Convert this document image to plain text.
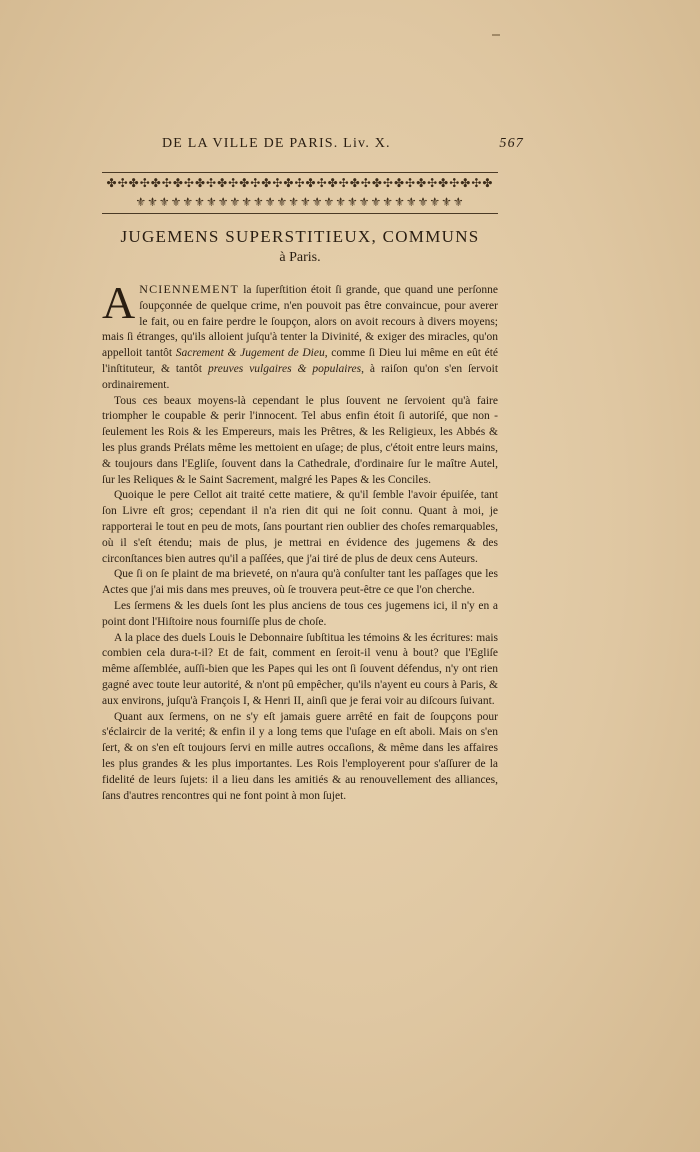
DE LA VILLE DE PARIS. Liv. X.	567
✤✣✤✣✤✣✤✣✤✣✤✣✤✣✤✣✤✣✤✣✤✣✤✣✤✣✤✣✤✣✤✣✤✣✤
⚜⚜⚜⚜⚜⚜⚜⚜⚜⚜⚜⚜⚜⚜⚜⚜⚜⚜⚜⚜⚜⚜⚜⚜⚜⚜⚜⚜
JUGEMENS SUPERSTITIEUX, COMMUNS
à Paris.

ANCIENNEMENT la ſuperſtition étoit ſi grande, que quand une perſonne ſoupçonnée de quelque crime, n'en pouvoit pas être convaincue, pour averer le fait, ou en faire perdre le ſoupçon, alors on avoit recours à divers moyens; mais ſi étranges, qu'ils alloient juſqu'à tenter la Divinité, & exiger des miracles, qu'on appelloit tantôt Sacrement & Jugement de Dieu, comme ſi Dieu lui même en eût été l'inſtituteur, & tantôt preuves vulgaires & populaires, à raiſon qu'on s'en ſervoit ordinairement.

Tous ces beaux moyens-là cependant le plus ſouvent ne ſervoient qu'à faire triompher le coupable & perir l'innocent. Tel abus enfin étoit ſi autoriſé, que non - ſeulement les Rois & les Empereurs, mais les Prêtres, & les Religieux, les Abbés & les plus grands Prélats même les mettoient en uſage; de plus, c'étoit entre leurs mains, & toujours dans l'Egliſe, ſouvent dans la Cathedrale, d'ordinaire ſur le maître Autel, ſur les Reliques & le Saint Sacrement, malgré les Papes & les Conciles.

Quoique le pere Cellot ait traité cette matiere, & qu'il ſemble l'avoir épuiſée, tant ſon Livre eſt gros; cependant il n'a rien dit qui ne ſoit connu. Quant à moi, je rapporterai le tout en peu de mots, ſans pourtant rien oublier des choſes remarquables, où il s'eſt étendu; mais de plus, je mettrai en évidence des jugemens & des circonſtances bien autres qu'il a paſſées, que j'ai tiré de plus de deux cens Auteurs.

Que ſi on ſe plaint de ma brieveté, on n'aura qu'à conſulter tant les paſſages que les Actes que j'ai mis dans mes preuves, où ſe trouvera peut-être ce que l'on cherche.

Les ſermens & les duels ſont les plus anciens de tous ces jugemens ici, il n'y en a point dont l'Hiſtoire nous fourniſſe plus de choſe.

A la place des duels Louis le Debonnaire ſubſtitua les témoins & les écritures: mais combien cela dura-t-il? Et de fait, comment en ſeroit-il venu à bout? que l'Egliſe même aſſemblée, auſſi-bien que les Papes qui les ont ſi ſouvent défendus, n'y ont rien gagné avec toute leur autorité, & n'ont pû empêcher, qu'ils n'ayent eu cours à Paris, & aux environs, juſqu'à François I, & Henri II, ainſi que je ferai voir au diſcours ſuivant.

Quant aux ſermens, on ne s'y eſt jamais guere arrêté en fait de ſoupçons pour s'éclaircir de la verité; & enfin il y a long tems que l'uſage en eſt aboli. Mais on s'en ſert, & on s'en eſt toujours ſervi en mille autres occaſions, & même dans les affaires les plus grandes & les plus importantes. Les Rois l'employerent pour s'aſſurer de la fidelité de leurs ſujets: il a lieu dans les amitiés & au renouvellement des alliances, ſans d'autres rencontres qui ne font point à mon ſujet.
